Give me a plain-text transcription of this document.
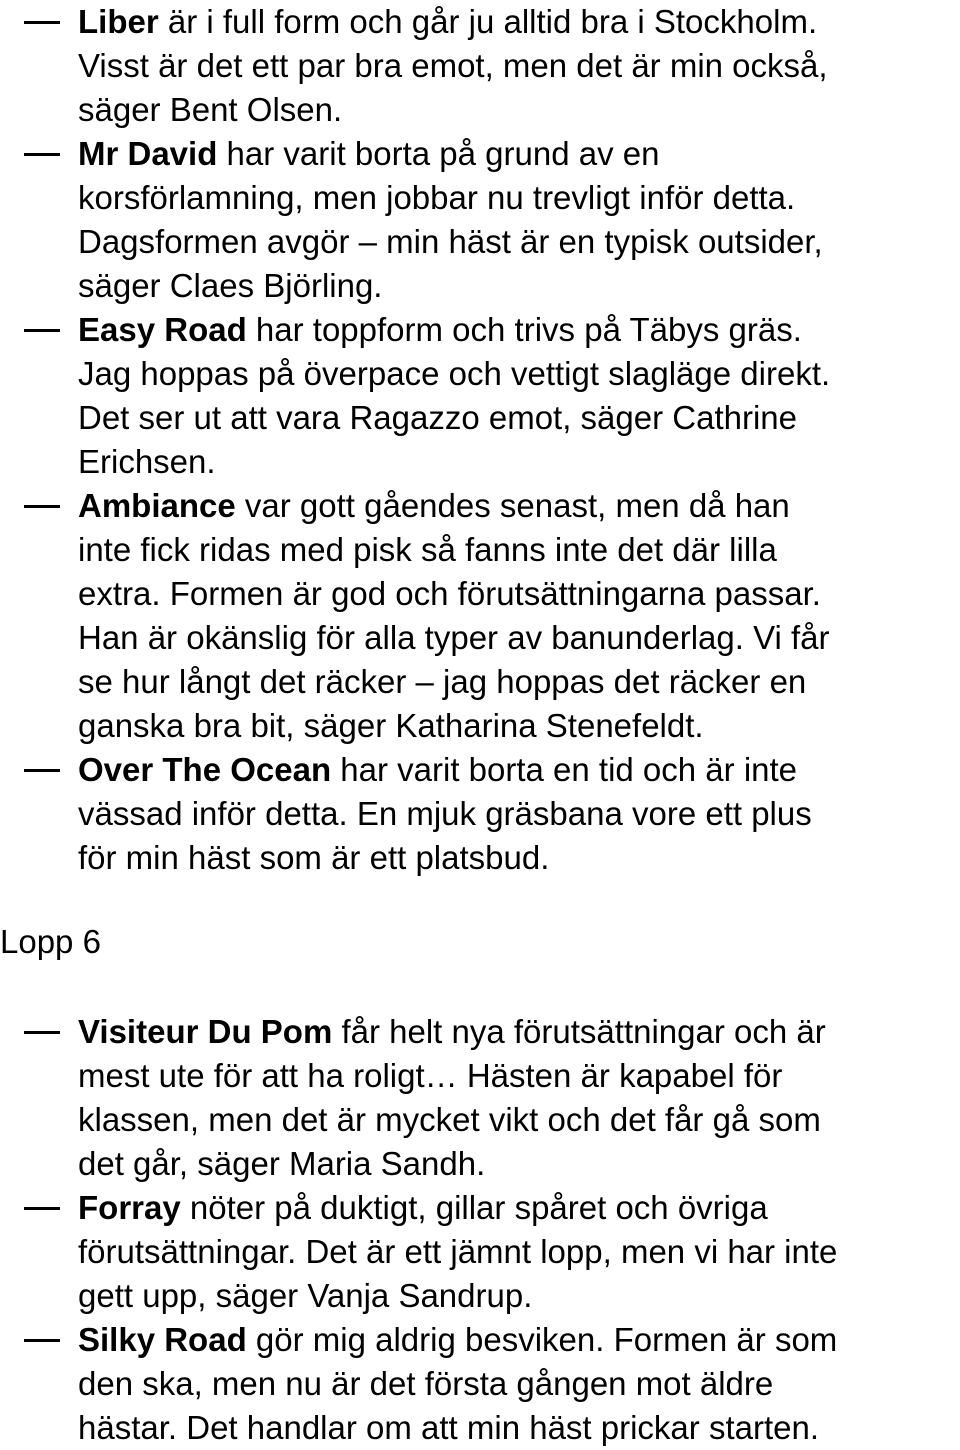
Liber är i full form och går ju alltid bra i Stockholm.
Visst är det ett par bra emot, men det är min också,
säger Bent Olsen.
Mr David har varit borta på grund av en
korsförlamning, men jobbar nu trevligt inför detta.
Dagsformen avgör – min häst är en typisk outsider,
säger Claes Björling.
Easy Road har toppform och trivs på Täbys gräs.
Jag hoppas på överpace och vettigt slagläge direkt.
Det ser ut att vara Ragazzo emot, säger Cathrine
Erichsen.
Ambiance var gott gåendes senast, men då han
inte fick ridas med pisk så fanns inte det där lilla
extra. Formen är god och förutsättningarna passar.
Han är okänslig för alla typer av banunderlag. Vi får
se hur långt det räcker – jag hoppas det räcker en
ganska bra bit, säger Katharina Stenefeldt.
Over The Ocean har varit borta en tid och är inte
vässad inför detta. En mjuk gräsbana vore ett plus
för min häst som är ett platsbud.
Lopp 6
Visiteur Du Pom får helt nya förutsättningar och är
mest ute för att ha roligt… Hästen är kapabel för
klassen, men det är mycket vikt och det får gå som
det går, säger Maria Sandh.
Forray nöter på duktigt, gillar spåret och övriga
förutsättningar. Det är ett jämnt lopp, men vi har inte
gett upp, säger Vanja Sandrup.
Silky Road gör mig aldrig besviken. Formen är som
den ska, men nu är det första gången mot äldre
hästar. Det handlar om att min häst prickar starten.
